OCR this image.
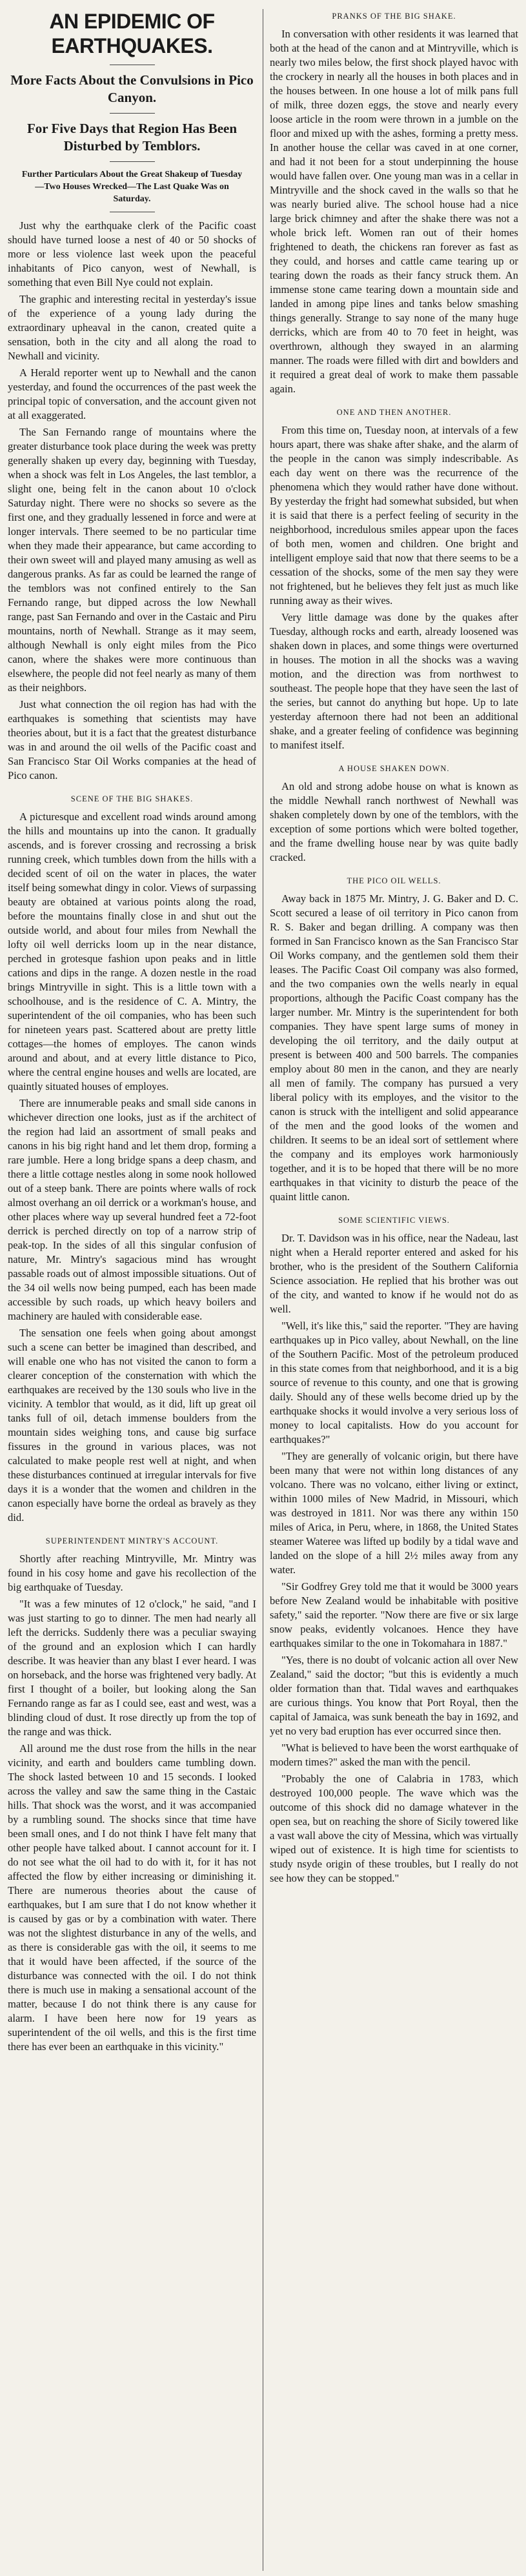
AN EPIDEMIC OF EARTHQUAKES.
More Facts About the Convulsions in Pico Canyon.
For Five Days that Region Has Been Disturbed by Temblors.
Further Particulars About the Great Shakeup of Tuesday—Two Houses Wrecked—The Last Quake Was on Saturday.

Just why the earthquake clerk of the Pacific coast should have turned loose a nest of 40 or 50 shocks of more or less violence last week upon the peaceful inhabitants of Pico canyon, west of Newhall, is something that even Bill Nye could not explain.

The graphic and interesting recital in yesterday's issue of the experience of a young lady during the extraordinary upheaval in the canon, created quite a sensation, both in the city and all along the road to Newhall and vicinity.

A Herald reporter went up to Newhall and the canon yesterday, and found the occurrences of the past week the principal topic of conversation, and the account given not at all exaggerated.

The San Fernando range of mountains where the greater disturbance took place during the week was pretty generally shaken up every day, beginning with Tuesday, when a shock was felt in Los Angeles, the last temblor, a slight one, being felt in the canon about 10 o'clock Saturday night. There were no shocks so severe as the first one, and they gradually lessened in force and were at longer intervals. There seemed to be no particular time when they made their appearance, but came according to their own sweet will and played many amusing as well as dangerous pranks. As far as could be learned the range of the temblors was not confined entirely to the San Fernando range, but dipped across the low Newhall range, past San Fernando and over in the Castaic and Piru mountains, north of Newhall. Strange as it may seem, although Newhall is only eight miles from the Pico canon, where the shakes were more continuous than elsewhere, the people did not feel nearly as many of them as their neighbors.

Just what connection the oil region has had with the earthquakes is something that scientists may have theories about, but it is a fact that the greatest disturbance was in and around the oil wells of the Pacific coast and San Francisco Star Oil Works companies at the head of Pico canon.

SCENE OF THE BIG SHAKES.

A picturesque and excellent road winds around among the hills and mountains up into the canon. It gradually ascends, and is forever crossing and recrossing a brisk running creek, which tumbles down from the hills with a decided scent of oil on the water in places, the water itself being somewhat dingy in color. Views of surpassing beauty are obtained at various points along the road, before the mountains finally close in and shut out the outside world, and about four miles from Newhall the lofty oil well derricks loom up in the near distance, perched in grotesque fashion upon peaks and in little cations and dips in the range. A dozen nestle in the road brings Mintryville in sight. This is a little town with a schoolhouse, and is the residence of C. A. Mintry, the superintendent of the oil companies, who has been such for nineteen years past. Scattered about are pretty little cottages—the homes of employes. The canon winds around and about, and at every little distance to Pico, where the central engine houses and wells are located, are quaintly situated houses of employes.

There are innumerable peaks and small side canons in whichever direction one looks, just as if the architect of the region had laid an assortment of small peaks and canons in his big right hand and let them drop, forming a rare jumble. Here a long bridge spans a deep chasm, and there a little cottage nestles along in some nook hollowed out of a steep bank. There are points where walls of rock almost overhang an oil derrick or a workman's house, and other places where way up several hundred feet a 72-foot derrick is perched directly on top of a narrow strip of peak-top. In the sides of all this singular confusion of nature, Mr. Mintry's sagacious mind has wrought passable roads out of almost impossible situations. Out of the 34 oil wells now being pumped, each has been made accessible by such roads, up which heavy boilers and machinery are hauled with considerable ease.

The sensation one feels when going about amongst such a scene can better be imagined than described, and will enable one who has not visited the canon to form a clearer conception of the consternation with which the earthquakes are received by the 130 souls who live in the vicinity. A temblor that would, as it did, lift up great oil tanks full of oil, detach immense boulders from the mountain sides weighing tons, and cause big surface fissures in the ground in various places, was not calculated to make people rest well at night, and when these disturbances continued at irregular intervals for five days it is a wonder that the women and children in the canon especially have borne the ordeal as bravely as they did.

SUPERINTENDENT MINTRY'S ACCOUNT.

Shortly after reaching Mintryville, Mr. Mintry was found in his cosy home and gave his recollection of the big earthquake of Tuesday.

"It was a few minutes of 12 o'clock," he said, "and I was just starting to go to dinner. The men had nearly all left the derricks. Suddenly there was a peculiar swaying of the ground and an explosion which I can hardly describe. It was heavier than any blast I ever heard. I was on horseback, and the horse was frightened very badly. At first I thought of a boiler, but looking along the San Fernando range as far as I could see, east and west, was a blinding cloud of dust. It rose directly up from the top of the range and was thick.

All around me the dust rose from the hills in the near vicinity, and earth and boulders came tumbling down. The shock lasted between 10 and 15 seconds. I looked across the valley and saw the same thing in the Castaic hills. That shock was the worst, and it was accompanied by a rumbling sound. The shocks since that time have been small ones, and I do not think I have felt many that other people have talked about. I cannot account for it. I do not see what the oil had to do with it, for it has not affected the flow by either increasing or diminishing it. There are numerous theories about the cause of earthquakes, but I am sure that I do not know whether it is caused by gas or by a combination with water. There was not the slightest disturbance in any of the wells, and as there is considerable gas with the oil, it seems to me that it would have been affected, if the source of the disturbance was connected with the oil. I do not think there is much use in making a sensational account of the matter, because I do not think there is any cause for alarm. I have been here now for 19 years as superintendent of the oil wells, and this is the first time there has ever been an earthquake in this vicinity."

PRANKS OF THE BIG SHAKE.

In conversation with other residents it was learned that both at the head of the canon and at Mintryville, which is nearly two miles below, the first shock played havoc with the crockery in nearly all the houses in both places and in the houses between. In one house a lot of milk pans full of milk, three dozen eggs, the stove and nearly every loose article in the room were thrown in a jumble on the floor and mixed up with the ashes, forming a pretty mess. In another house the cellar was caved in at one corner, and had it not been for a stout underpinning the house would have fallen over. One young man was in a cellar in Mintryville and the shock caved in the walls so that he was nearly buried alive. The school house had a nice large brick chimney and after the shake there was not a whole brick left. Women ran out of their homes frightened to death, the chickens ran forever as fast as they could, and horses and cattle came tearing up or tearing down the roads as their fancy struck them. An immense stone came tearing down a mountain side and landed in among pipe lines and tanks below smashing things generally. Strange to say none of the many huge derricks, which are from 40 to 70 feet in height, was overthrown, although they swayed in an alarming manner. The roads were filled with dirt and bowlders and it required a great deal of work to make them passable again.

ONE AND THEN ANOTHER.

From this time on, Tuesday noon, at intervals of a few hours apart, there was shake after shake, and the alarm of the people in the canon was simply indescribable. As each day went on there was the recurrence of the phenomena which they would rather have done without. By yesterday the fright had somewhat subsided, but when it is said that there is a perfect feeling of security in the neighborhood, incredulous smiles appear upon the faces of both men, women and children. One bright and intelligent employe said that now that there seems to be a cessation of the shocks, some of the men say they were not frightened, but he believes they felt just as much like running away as their wives.

Very little damage was done by the quakes after Tuesday, although rocks and earth, already loosened was shaken down in places, and some things were overturned in houses. The motion in all the shocks was a waving motion, and the direction was from northwest to southeast. The people hope that they have seen the last of the series, but cannot do anything but hope. Up to late yesterday afternoon there had not been an additional shake, and a greater feeling of confidence was beginning to manifest itself.

A HOUSE SHAKEN DOWN.

An old and strong adobe house on what is known as the middle Newhall ranch northwest of Newhall was shaken completely down by one of the temblors, with the exception of some portions which were bolted together, and the frame dwelling house near by was quite badly cracked.

THE PICO OIL WELLS.

Away back in 1875 Mr. Mintry, J. G. Baker and D. C. Scott secured a lease of oil territory in Pico canon from R. S. Baker and began drilling. A company was then formed in San Francisco known as the San Francisco Star Oil Works company, and the gentlemen sold them their leases. The Pacific Coast Oil company was also formed, and the two companies own the wells nearly in equal proportions, although the Pacific Coast company has the larger number. Mr. Mintry is the superintendent for both companies. They have spent large sums of money in developing the oil territory, and the daily output at present is between 400 and 500 barrels. The companies employ about 80 men in the canon, and they are nearly all men of family. The company has pursued a very liberal policy with its employes, and the visitor to the canon is struck with the intelligent and solid appearance of the men and the good looks of the women and children. It seems to be an ideal sort of settlement where the company and its employes work harmoniously together, and it is to be hoped that there will be no more earthquakes in that vicinity to disturb the peace of the quaint little canon.

SOME SCIENTIFIC VIEWS.

Dr. T. Davidson was in his office, near the Nadeau, last night when a Herald reporter entered and asked for his brother, who is the president of the Southern California Science association. He replied that his brother was out of the city, and wanted to know if he would not do as well.

"Well, it's like this," said the reporter. "They are having earthquakes up in Pico valley, about Newhall, on the line of the Southern Pacific. Most of the petroleum produced in this state comes from that neighborhood, and it is a big source of revenue to this county, and one that is growing daily. Should any of these wells become dried up by the earthquake shocks it would involve a very serious loss of money to local capitalists. How do you account for earthquakes?"

"They are generally of volcanic origin, but there have been many that were not within long distances of any volcano. There was no volcano, either living or extinct, within 1000 miles of New Madrid, in Missouri, which was destroyed in 1811. Nor was there any within 150 miles of Arica, in Peru, where, in 1868, the United States steamer Wateree was lifted up bodily by a tidal wave and landed on the slope of a hill 2½ miles away from any water.

"Sir Godfrey Grey told me that it would be 3000 years before New Zealand would be inhabitable with positive safety," said the reporter. "Now there are five or six large snow peaks, evidently volcanoes. Hence they have earthquakes similar to the one in Tokomahara in 1887."

"Yes, there is no doubt of volcanic action all over New Zealand," said the doctor; "but this is evidently a much older formation than that. Tidal waves and earthquakes are curious things. You know that Port Royal, then the capital of Jamaica, was sunk beneath the bay in 1692, and yet no very bad eruption has ever occurred since then.

"What is believed to have been the worst earthquake of modern times?" asked the man with the pencil.

"Probably the one of Calabria in 1783, which destroyed 100,000 people. The wave which was the outcome of this shock did no damage whatever in the open sea, but on reaching the shore of Sicily towered like a vast wall above the city of Messina, which was virtually wiped out of existence. It is high time for scientists to study nsyde origin of these troubles, but I really do not see how they can be stopped."
